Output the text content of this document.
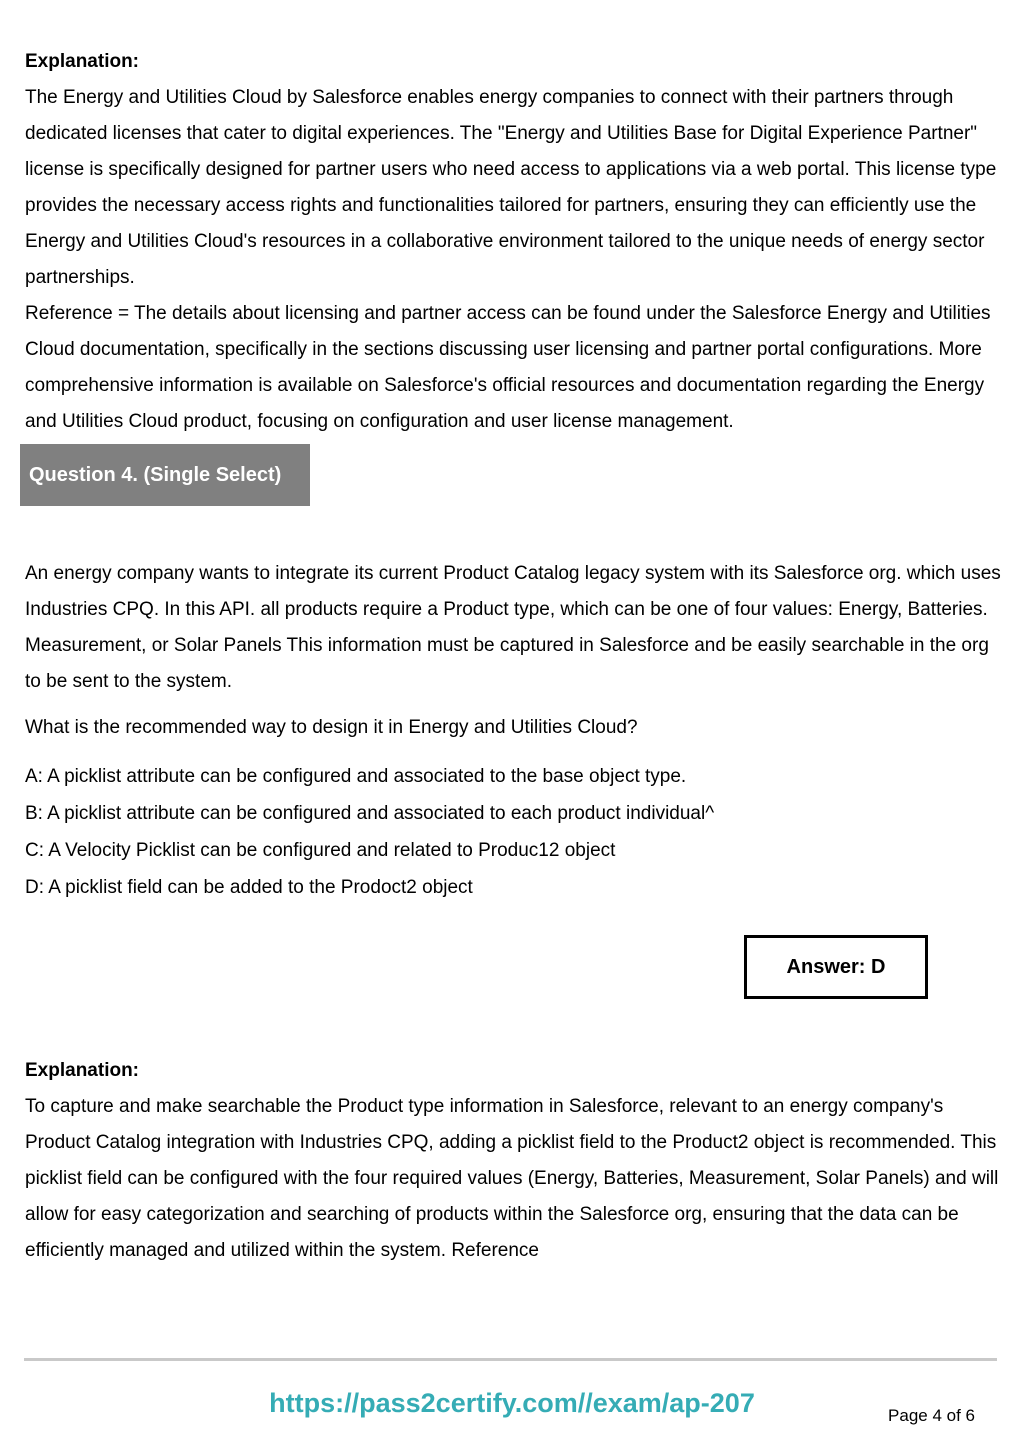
Explanation:

The Energy and Utilities Cloud by Salesforce enables energy companies to connect with their partners through dedicated licenses that cater to digital experiences. The "Energy and Utilities Base for Digital Experience Partner" license is specifically designed for partner users who need access to applications via a web portal. This license type provides the necessary access rights and functionalities tailored for partners, ensuring they can efficiently use the Energy and Utilities Cloud's resources in a collaborative environment tailored to the unique needs of energy sector partnerships.

Reference = The details about licensing and partner access can be found under the Salesforce Energy and Utilities Cloud documentation, specifically in the sections discussing user licensing and partner portal configurations. More comprehensive information is available on Salesforce's official resources and documentation regarding the Energy and Utilities Cloud product, focusing on configuration and user license management.

Question 4. (Single Select)

An energy company wants to integrate its current Product Catalog legacy system with its Salesforce org. which uses Industries CPQ. In this API. all products require a Product type, which can be one of four values: Energy, Batteries. Measurement, or Solar Panels This information must be captured in Salesforce and be easily searchable in the org to be sent to the system.

What is the recommended way to design it in Energy and Utilities Cloud?

A: A picklist attribute can be configured and associated to the base object type.
B: A picklist attribute can be configured and associated to each product individual^
C: A Velocity Picklist can be configured and related to Produc12 object
D: A picklist field can be added to the Prodoct2 object
Answer: D
Explanation:

To capture and make searchable the Product type information in Salesforce, relevant to an energy company's Product Catalog integration with Industries CPQ, adding a picklist field to the Product2 object is recommended. This picklist field can be configured with the four required values (Energy, Batteries, Measurement, Solar Panels) and will allow for easy categorization and searching of products within the Salesforce org, ensuring that the data can be efficiently managed and utilized within the system. Reference

https://pass2certify.com//exam/ap-207	Page 4 of 6
